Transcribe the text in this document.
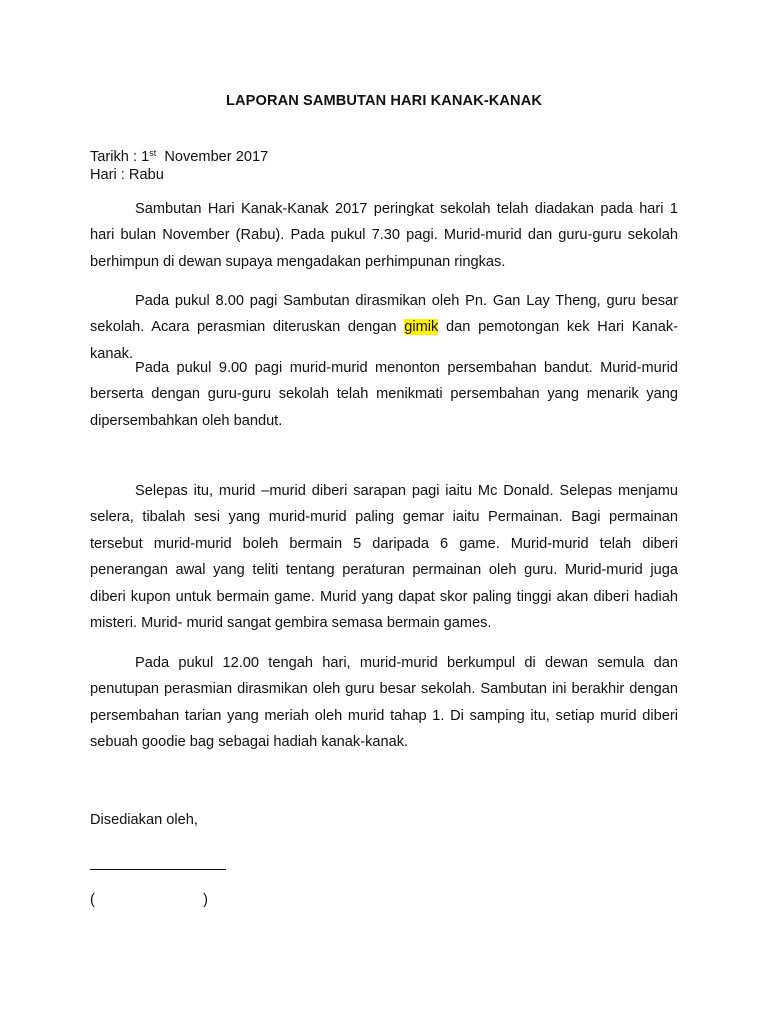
LAPORAN SAMBUTAN HARI KANAK-KANAK
Tarikh : 1st  November 2017
Hari : Rabu

Sambutan Hari Kanak-Kanak 2017 peringkat sekolah telah diadakan pada hari 1 hari bulan November (Rabu). Pada pukul 7.30 pagi. Murid-murid dan guru-guru sekolah berhimpun di dewan supaya mengadakan perhimpunan ringkas.

Pada pukul 8.00 pagi Sambutan dirasmikan oleh Pn. Gan Lay Theng, guru besar sekolah. Acara perasmian diteruskan dengan gimik dan pemotongan kek Hari Kanak-kanak.

Pada pukul 9.00 pagi murid-murid menonton persembahan bandut. Murid-murid berserta dengan guru-guru sekolah telah menikmati persembahan yang menarik yang dipersembahkan oleh bandut.

Selepas itu, murid –murid diberi sarapan pagi iaitu Mc Donald. Selepas menjamu selera, tibalah sesi yang murid-murid paling gemar iaitu Permainan. Bagi permainan tersebut murid-murid boleh bermain 5 daripada 6 game. Murid-murid telah diberi penerangan awal yang teliti tentang peraturan permainan oleh guru. Murid-murid juga diberi kupon untuk bermain game. Murid yang dapat skor paling tinggi akan diberi hadiah misteri. Murid- murid sangat gembira semasa bermain games.

Pada pukul 12.00 tengah hari, murid-murid berkumpul di dewan semula dan penutupan perasmian dirasmikan oleh guru besar sekolah. Sambutan ini berakhir dengan persembahan tarian yang meriah oleh murid tahap 1. Di samping itu, setiap murid diberi sebuah goodie bag sebagai hadiah kanak-kanak.

Disediakan oleh,
(	)
